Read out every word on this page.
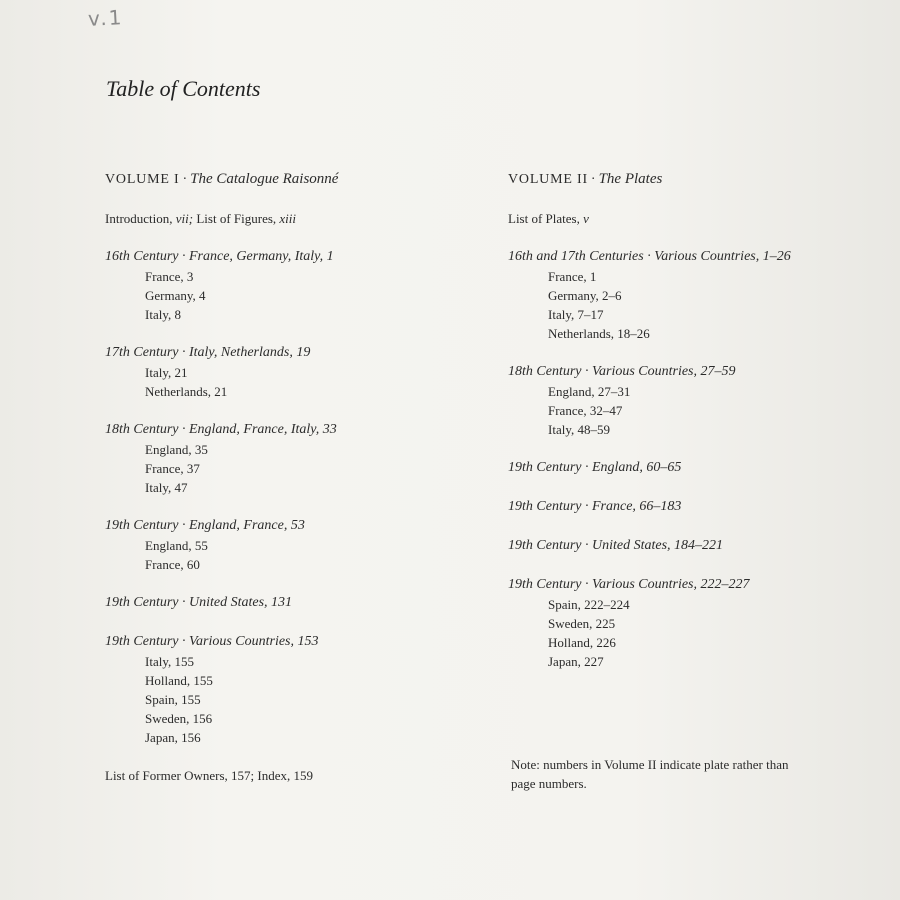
v.1
Table of Contents
VOLUME I · The Catalogue Raisonné
Introduction, vii; List of Figures, xiii
16th Century · France, Germany, Italy, 1
France, 3
Germany, 4
Italy, 8
17th Century · Italy, Netherlands, 19
Italy, 21
Netherlands, 21
18th Century · England, France, Italy, 33
England, 35
France, 37
Italy, 47
19th Century · England, France, 53
England, 55
France, 60
19th Century · United States, 131
19th Century · Various Countries, 153
Italy, 155
Holland, 155
Spain, 155
Sweden, 156
Japan, 156
List of Former Owners, 157; Index, 159
VOLUME II · The Plates
List of Plates, v
16th and 17th Centuries · Various Countries, 1–26
France, 1
Germany, 2–6
Italy, 7–17
Netherlands, 18–26
18th Century · Various Countries, 27–59
England, 27–31
France, 32–47
Italy, 48–59
19th Century · England, 60–65
19th Century · France, 66–183
19th Century · United States, 184–221
19th Century · Various Countries, 222–227
Spain, 222–224
Sweden, 225
Holland, 226
Japan, 227
Note: numbers in Volume II indicate plate rather than page numbers.
